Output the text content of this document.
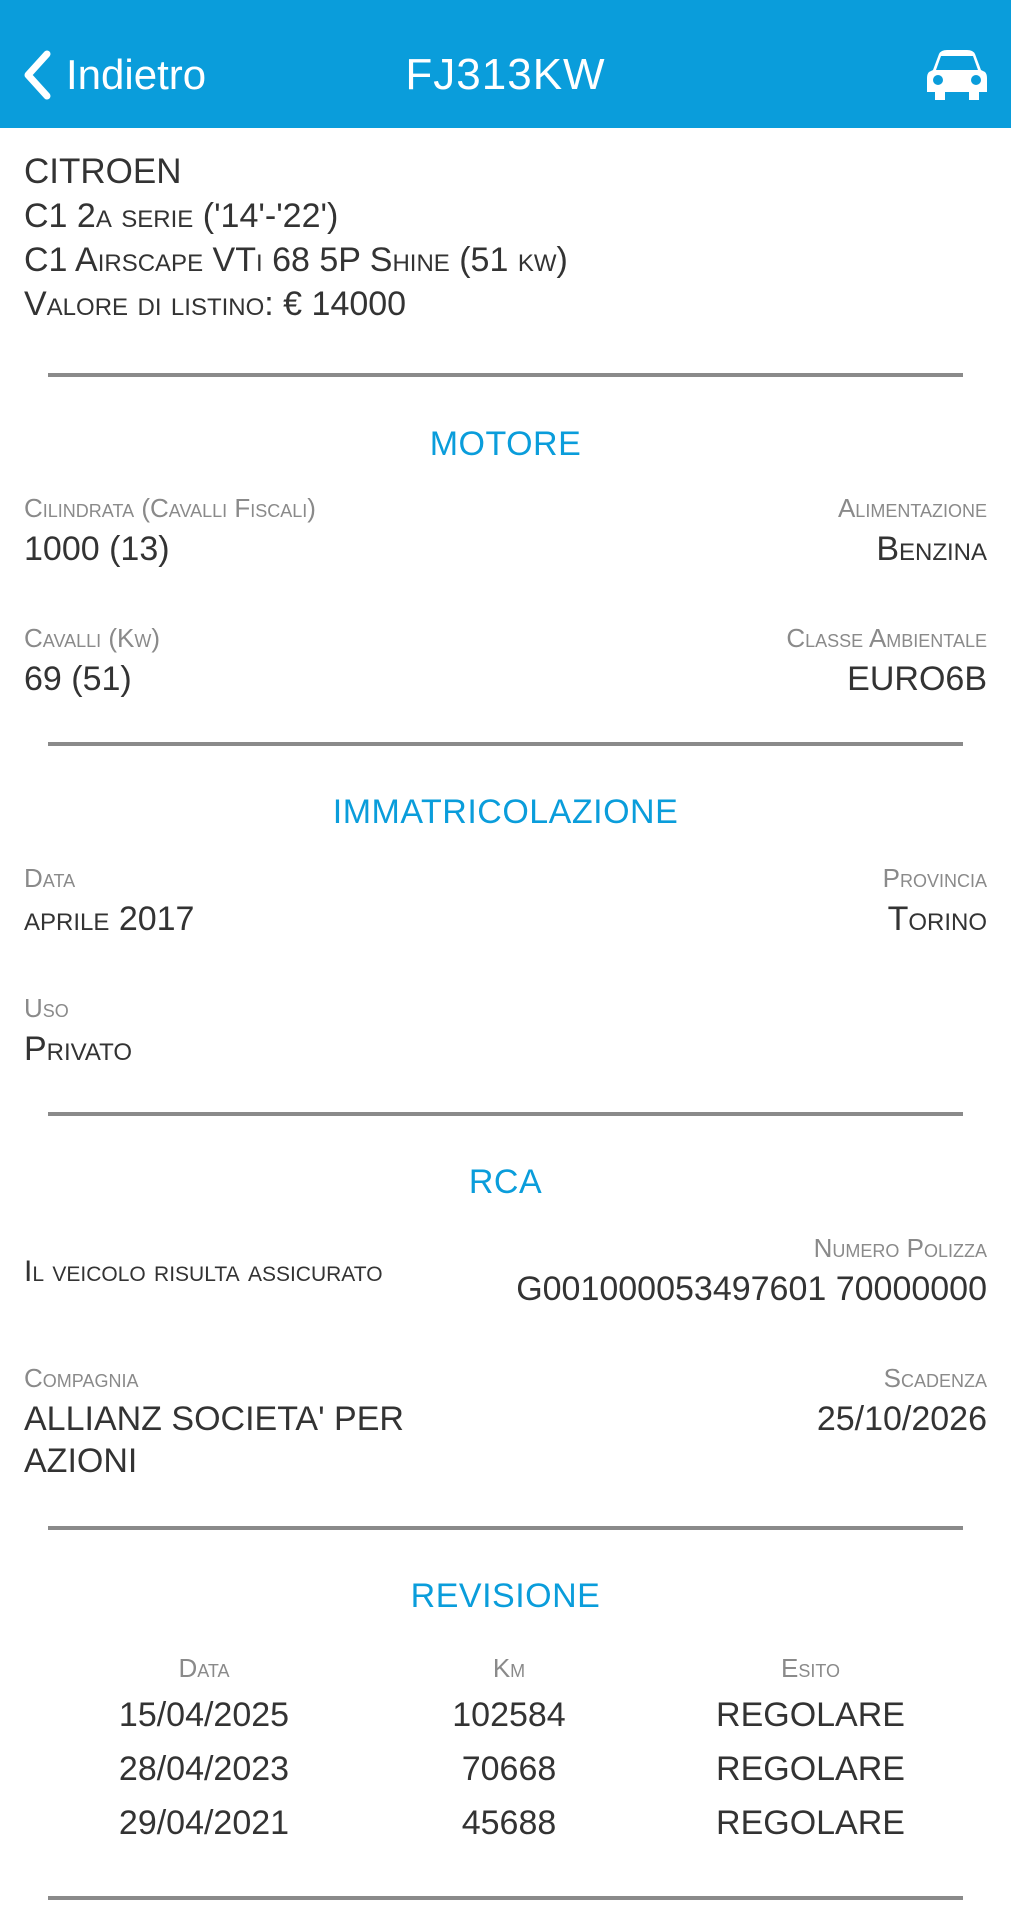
Indietro	FJ313KW
CITROEN
C1 2a serie ('14'-'22')
C1 Airscape VTi 68 5P Shine (51 kw)
Valore di listino: € 14000
MOTORE
Cilindrata (Cavalli Fiscali)
1000 (13)
Alimentazione
Benzina
Cavalli (Kw)
69 (51)
Classe Ambientale
EURO6B
IMMATRICOLAZIONE
Data
aprile 2017
Provincia
Torino
Uso
Privato
RCA
Il veicolo risulta assicurato
Numero Polizza
G001000053497601 70000000
Compagnia
ALLIANZ SOCIETA' PER
AZIONI
Scadenza
25/10/2026
REVISIONE
Data	Km	Esito
15/04/2025	102584	REGOLARE
28/04/2023	70668	REGOLARE
29/04/2021	45688	REGOLARE
